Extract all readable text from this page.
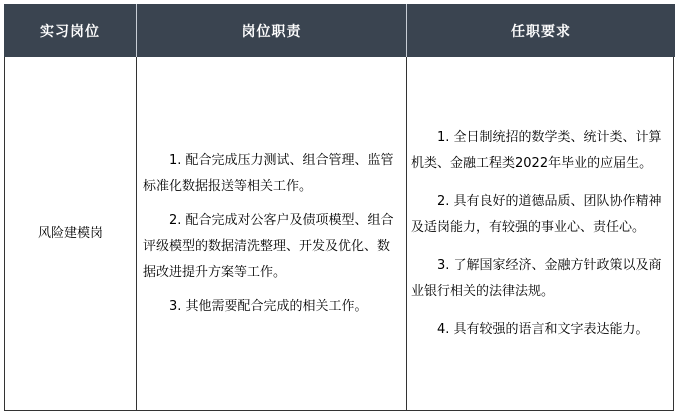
实习岗位	岗位职责	任职要求
风险建模岗

1. 配合完成压力测试、组合管理、监管标准化数据报送等相关工作。

2. 配合完成对公客户及债项模型、组合评级模型的数据清洗整理、开发及优化、数据改进提升方案等工作。

3. 其他需要配合完成的相关工作。

1. 全日制统招的数学类、统计类、计算机类、金融工程类2022年毕业的应届生。

2. 具有良好的道德品质、团队协作精神及适岗能力，有较强的事业心、责任心。

3. 了解国家经济、金融方针政策以及商业银行相关的法律法规。

4. 具有较强的语言和文字表达能力。
